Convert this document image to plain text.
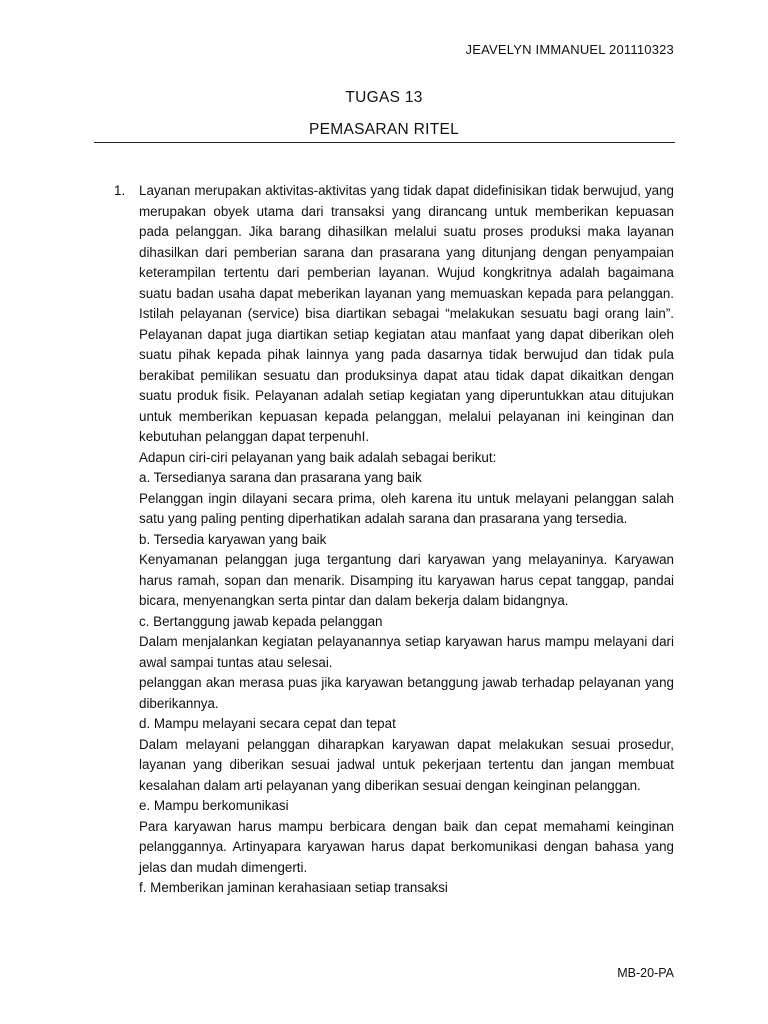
JEAVELYN IMMANUEL 201110323
TUGAS 13
PEMASARAN RITEL
1.	Layanan merupakan aktivitas-aktivitas yang tidak dapat didefinisikan tidak berwujud, yang merupakan obyek utama dari transaksi yang dirancang untuk memberikan kepuasan pada pelanggan. Jika barang dihasilkan melalui suatu proses produksi maka layanan dihasilkan dari pemberian sarana dan prasarana yang ditunjang dengan penyampaian keterampilan tertentu dari pemberian layanan. Wujud kongkritnya adalah bagaimana suatu badan usaha dapat meberikan layanan yang memuaskan kepada para pelanggan. Istilah pelayanan (service) bisa diartikan sebagai “melakukan sesuatu bagi orang lain”. Pelayanan dapat juga diartikan setiap kegiatan atau manfaat yang dapat diberikan oleh suatu pihak kepada pihak lainnya yang pada dasarnya tidak berwujud dan tidak pula berakibat pemilikan sesuatu dan produksinya dapat atau tidak dapat dikaitkan dengan suatu produk fisik. Pelayanan adalah setiap kegiatan yang diperuntukkan atau ditujukan untuk memberikan kepuasan kepada pelanggan, melalui pelayanan ini keinginan dan kebutuhan pelanggan dapat terpenuhI.

Adapun ciri-ciri pelayanan yang baik adalah sebagai berikut:

a. Tersedianya sarana dan prasarana yang baik

Pelanggan ingin dilayani secara prima, oleh karena itu untuk melayani pelanggan salah satu yang paling penting diperhatikan adalah sarana dan prasarana yang tersedia.

b. Tersedia karyawan yang baik

Kenyamanan pelanggan juga tergantung dari karyawan yang melayaninya. Karyawan harus ramah, sopan dan menarik. Disamping itu karyawan harus cepat tanggap, pandai bicara, menyenangkan serta pintar dan dalam bekerja dalam bidangnya.

c. Bertanggung jawab kepada pelanggan

Dalam menjalankan kegiatan pelayanannya setiap karyawan harus mampu melayani dari awal sampai tuntas atau selesai.

pelanggan akan merasa puas jika karyawan betanggung jawab terhadap pelayanan yang diberikannya.

d. Mampu melayani secara cepat dan tepat

Dalam melayani pelanggan diharapkan karyawan dapat melakukan sesuai prosedur, layanan yang diberikan sesuai jadwal untuk pekerjaan tertentu dan jangan membuat kesalahan dalam arti pelayanan yang diberikan sesuai dengan keinginan pelanggan.

e. Mampu berkomunikasi

Para karyawan harus mampu berbicara dengan baik dan cepat memahami keinginan pelanggannya. Artinyapara karyawan harus dapat berkomunikasi dengan bahasa yang jelas dan mudah dimengerti.

f. Memberikan jaminan kerahasiaan setiap transaksi

MB-20-PA
